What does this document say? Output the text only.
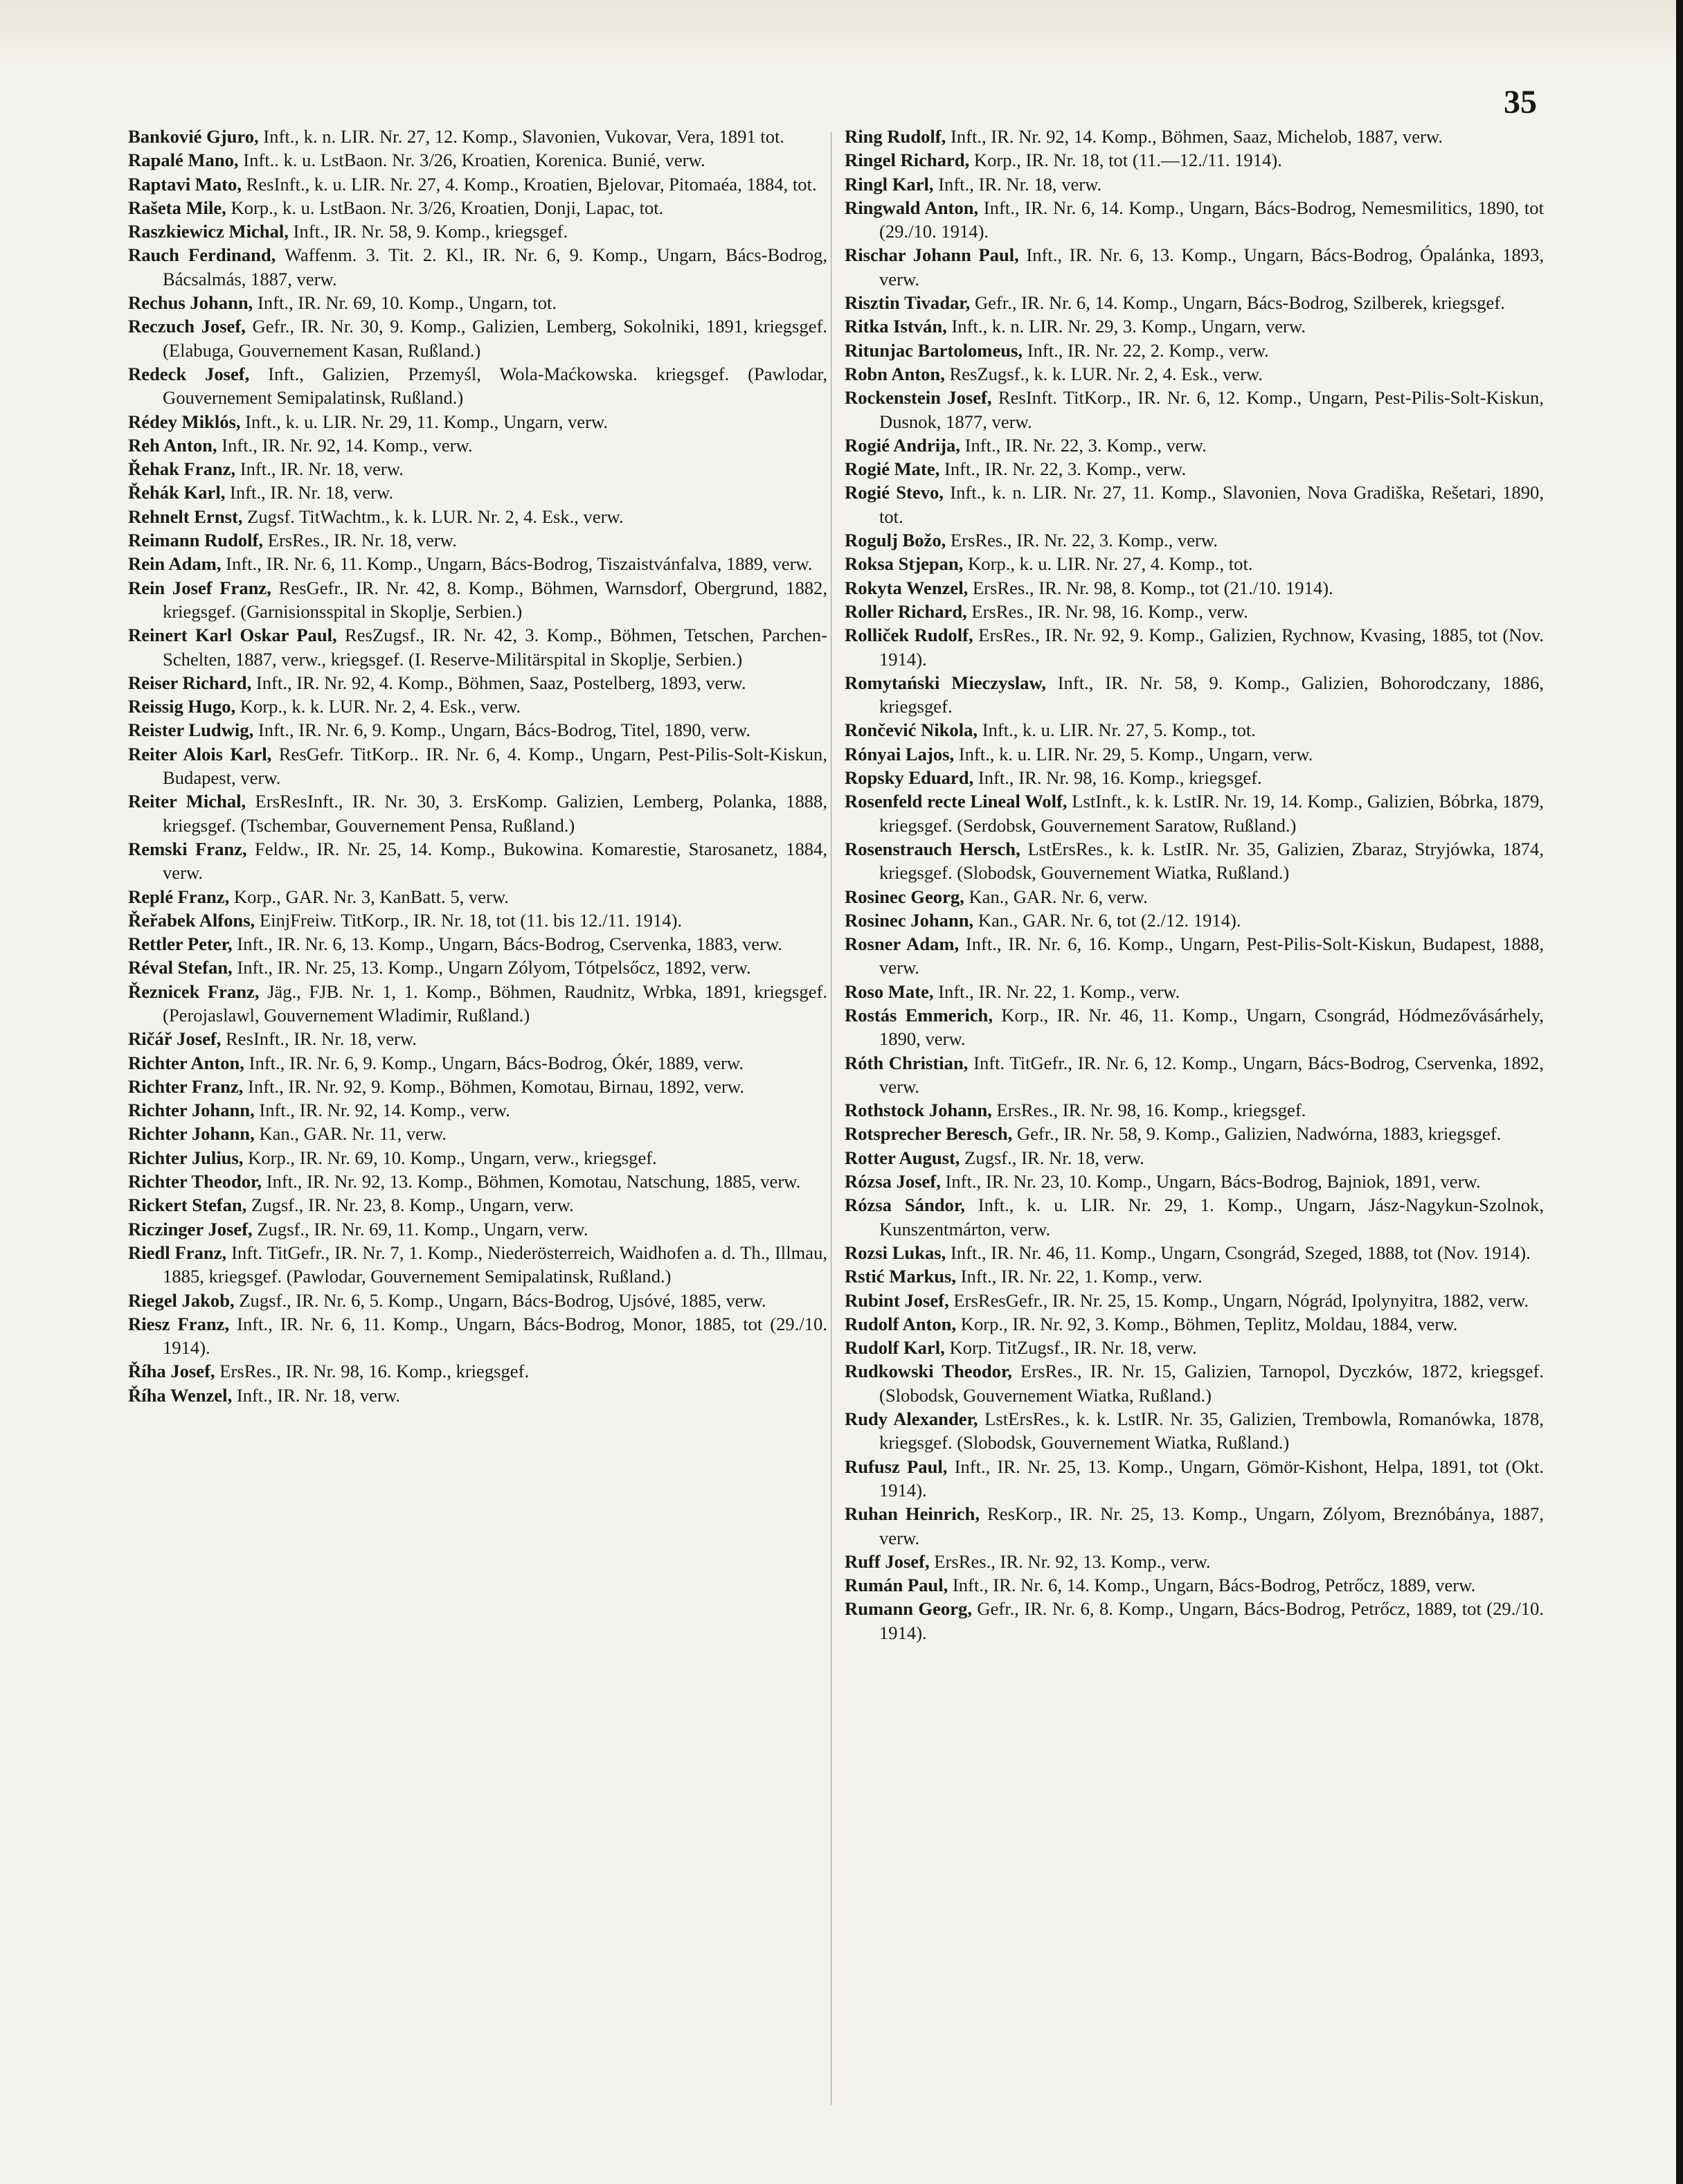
35
Bankovié Gjuro, Inft., k. n. LIR. Nr. 27, 12. Komp., Slavonien, Vukovar, Vera, 1891 tot.
Rapalé Mano, Inft.. k. u. LstBaon. Nr. 3/26, Kroatien, Korenica. Bunié, verw.
Raptavi Mato, ResInft., k. u. LIR. Nr. 27, 4. Komp., Kroatien, Bjelovar, Pitomaéa, 1884, tot.
Rašeta Mile, Korp., k. u. LstBaon. Nr. 3/26, Kroatien, Donji, Lapac, tot.
Raszkiewicz Michal, Inft., IR. Nr. 58, 9. Komp., kriegsgef.
Rauch Ferdinand, Waffenm. 3. Tit. 2. Kl., IR. Nr. 6, 9. Komp., Ungarn, Bács-Bodrog, Bácsalmás, 1887, verw.
Rechus Johann, Inft., IR. Nr. 69, 10. Komp., Ungarn, tot.
Reczuch Josef, Gefr., IR. Nr. 30, 9. Komp., Galizien, Lemberg, Sokolniki, 1891, kriegsgef. (Elabuga, Gouvernement Kasan, Rußland.)
Redeck Josef, Inft., Galizien, Przemyśl, Wola-Maćkowska. kriegsgef. (Pawlodar, Gouvernement Semipalatinsk, Rußland.)
Rédey Miklós, Inft., k. u. LIR. Nr. 29, 11. Komp., Ungarn, verw.
Reh Anton, Inft., IR. Nr. 92, 14. Komp., verw.
Řehak Franz, Inft., IR. Nr. 18, verw.
Řehák Karl, Inft., IR. Nr. 18, verw.
Rehnelt Ernst, Zugsf. TitWachtm., k. k. LUR. Nr. 2, 4. Esk., verw.
Reimann Rudolf, ErsRes., IR. Nr. 18, verw.
Rein Adam, Inft., IR. Nr. 6, 11. Komp., Ungarn, Bács-Bodrog, Tiszaistvánfalva, 1889, verw.
Rein Josef Franz, ResGefr., IR. Nr. 42, 8. Komp., Böhmen, Warnsdorf, Obergrund, 1882, kriegsgef. (Garnisionsspital in Skoplje, Serbien.)
Reinert Karl Oskar Paul, ResZugsf., IR. Nr. 42, 3. Komp., Böhmen, Tetschen, Parchen-Schelten, 1887, verw., kriegsgef. (I. Reserve-Militärspital in Skoplje, Serbien.)
Reiser Richard, Inft., IR. Nr. 92, 4. Komp., Böhmen, Saaz, Postelberg, 1893, verw.
Reissig Hugo, Korp., k. k. LUR. Nr. 2, 4. Esk., verw.
Reister Ludwig, Inft., IR. Nr. 6, 9. Komp., Ungarn, Bács-Bodrog, Titel, 1890, verw.
Reiter Alois Karl, ResGefr. TitKorp.. IR. Nr. 6, 4. Komp., Ungarn, Pest-Pilis-Solt-Kiskun, Budapest, verw.
Reiter Michal, ErsResInft., IR. Nr. 30, 3. ErsKomp. Galizien, Lemberg, Polanka, 1888, kriegsgef. (Tschembar, Gouvernement Pensa, Rußland.)
Remski Franz, Feldw., IR. Nr. 25, 14. Komp., Bukowina. Komarestie, Starosanetz, 1884, verw.
Replé Franz, Korp., GAR. Nr. 3, KanBatt. 5, verw.
Řeřabek Alfons, EinjFreiw. TitKorp., IR. Nr. 18, tot (11. bis 12./11. 1914).
Rettler Peter, Inft., IR. Nr. 6, 13. Komp., Ungarn, Bács-Bodrog, Cservenka, 1883, verw.
Réval Stefan, Inft., IR. Nr. 25, 13. Komp., Ungarn Zólyom, Tótpelsőcz, 1892, verw.
Řeznicek Franz, Jäg., FJB. Nr. 1, 1. Komp., Böhmen, Raudnitz, Wrbka, 1891, kriegsgef. (Perojaslawl, Gouvernement Wladimir, Rußland.)
Ričář Josef, ResInft., IR. Nr. 18, verw.
Richter Anton, Inft., IR. Nr. 6, 9. Komp., Ungarn, Bács-Bodrog, Ókér, 1889, verw.
Richter Franz, Inft., IR. Nr. 92, 9. Komp., Böhmen, Komotau, Birnau, 1892, verw.
Richter Johann, Inft., IR. Nr. 92, 14. Komp., verw.
Richter Johann, Kan., GAR. Nr. 11, verw.
Richter Julius, Korp., IR. Nr. 69, 10. Komp., Ungarn, verw., kriegsgef.
Richter Theodor, Inft., IR. Nr. 92, 13. Komp., Böhmen, Komotau, Natschung, 1885, verw.
Rickert Stefan, Zugsf., IR. Nr. 23, 8. Komp., Ungarn, verw.
Riczinger Josef, Zugsf., IR. Nr. 69, 11. Komp., Ungarn, verw.
Riedl Franz, Inft. TitGefr., IR. Nr. 7, 1. Komp., Niederösterreich, Waidhofen a. d. Th., Illmau, 1885, kriegsgef. (Pawlodar, Gouvernement Semipalatinsk, Rußland.)
Riegel Jakob, Zugsf., IR. Nr. 6, 5. Komp., Ungarn, Bács-Bodrog, Ujsóvé, 1885, verw.
Riesz Franz, Inft., IR. Nr. 6, 11. Komp., Ungarn, Bács-Bodrog, Monor, 1885, tot (29./10. 1914).
Říha Josef, ErsRes., IR. Nr. 98, 16. Komp., kriegsgef.
Říha Wenzel, Inft., IR. Nr. 18, verw.
Ring Rudolf, Inft., IR. Nr. 92, 14. Komp., Böhmen, Saaz, Michelob, 1887, verw.
Ringel Richard, Korp., IR. Nr. 18, tot (11.—12./11. 1914).
Ringl Karl, Inft., IR. Nr. 18, verw.
Ringwald Anton, Inft., IR. Nr. 6, 14. Komp., Ungarn, Bács-Bodrog, Nemesmilitics, 1890, tot (29./10. 1914).
Rischar Johann Paul, Inft., IR. Nr. 6, 13. Komp., Ungarn, Bács-Bodrog, Ópalánka, 1893, verw.
Risztin Tivadar, Gefr., IR. Nr. 6, 14. Komp., Ungarn, Bács-Bodrog, Szilberek, kriegsgef.
Ritka István, Inft., k. n. LIR. Nr. 29, 3. Komp., Ungarn, verw.
Ritunjac Bartolomeus, Inft., IR. Nr. 22, 2. Komp., verw.
Robn Anton, ResZugsf., k. k. LUR. Nr. 2, 4. Esk., verw.
Rockenstein Josef, ResInft. TitKorp., IR. Nr. 6, 12. Komp., Ungarn, Pest-Pilis-Solt-Kiskun, Dusnok, 1877, verw.
Rogié Andrija, Inft., IR. Nr. 22, 3. Komp., verw.
Rogié Mate, Inft., IR. Nr. 22, 3. Komp., verw.
Rogié Stevo, Inft., k. n. LIR. Nr. 27, 11. Komp., Slavonien, Nova Gradiška, Rešetari, 1890, tot.
Rogulj Božo, ErsRes., IR. Nr. 22, 3. Komp., verw.
Roksa Stjepan, Korp., k. u. LIR. Nr. 27, 4. Komp., tot.
Rokyta Wenzel, ErsRes., IR. Nr. 98, 8. Komp., tot (21./10. 1914).
Roller Richard, ErsRes., IR. Nr. 98, 16. Komp., verw.
Rolliček Rudolf, ErsRes., IR. Nr. 92, 9. Komp., Galizien, Rychnow, Kvasing, 1885, tot (Nov. 1914).
Romytański Mieczyslaw, Inft., IR. Nr. 58, 9. Komp., Galizien, Bohorodczany, 1886, kriegsgef.
Rončević Nikola, Inft., k. u. LIR. Nr. 27, 5. Komp., tot.
Rónyai Lajos, Inft., k. u. LIR. Nr. 29, 5. Komp., Ungarn, verw.
Ropsky Eduard, Inft., IR. Nr. 98, 16. Komp., kriegsgef.
Rosenfeld recte Lineal Wolf, LstInft., k. k. LstIR. Nr. 19, 14. Komp., Galizien, Bóbrka, 1879, kriegsgef. (Serdobsk, Gouvernement Saratow, Rußland.)
Rosenstrauch Hersch, LstErsRes., k. k. LstIR. Nr. 35, Galizien, Zbaraz, Stryjówka, 1874, kriegsgef. (Slobodsk, Gouvernement Wiatka, Rußland.)
Rosinec Georg, Kan., GAR. Nr. 6, verw.
Rosinec Johann, Kan., GAR. Nr. 6, tot (2./12. 1914).
Rosner Adam, Inft., IR. Nr. 6, 16. Komp., Ungarn, Pest-Pilis-Solt-Kiskun, Budapest, 1888, verw.
Roso Mate, Inft., IR. Nr. 22, 1. Komp., verw.
Rostás Emmerich, Korp., IR. Nr. 46, 11. Komp., Ungarn, Csongrád, Hódmezővásárhely, 1890, verw.
Róth Christian, Inft. TitGefr., IR. Nr. 6, 12. Komp., Ungarn, Bács-Bodrog, Cservenka, 1892, verw.
Rothstock Johann, ErsRes., IR. Nr. 98, 16. Komp., kriegsgef.
Rotsprecher Beresch, Gefr., IR. Nr. 58, 9. Komp., Galizien, Nadwórna, 1883, kriegsgef.
Rotter August, Zugsf., IR. Nr. 18, verw.
Rózsa Josef, Inft., IR. Nr. 23, 10. Komp., Ungarn, Bács-Bodrog, Bajniok, 1891, verw.
Rózsa Sándor, Inft., k. u. LIR. Nr. 29, 1. Komp., Ungarn, Jász-Nagykun-Szolnok, Kunszentmárton, verw.
Rozsi Lukas, Inft., IR. Nr. 46, 11. Komp., Ungarn, Csongrád, Szeged, 1888, tot (Nov. 1914).
Rstić Markus, Inft., IR. Nr. 22, 1. Komp., verw.
Rubint Josef, ErsResGefr., IR. Nr. 25, 15. Komp., Ungarn, Nógrád, Ipolynyitra, 1882, verw.
Rudolf Anton, Korp., IR. Nr. 92, 3. Komp., Böhmen, Teplitz, Moldau, 1884, verw.
Rudolf Karl, Korp. TitZugsf., IR. Nr. 18, verw.
Rudkowski Theodor, ErsRes., IR. Nr. 15, Galizien, Tarnopol, Dyczków, 1872, kriegsgef. (Slobodsk, Gouvernement Wiatka, Rußland.)
Rudy Alexander, LstErsRes., k. k. LstIR. Nr. 35, Galizien, Trembowla, Romanówka, 1878, kriegsgef. (Slobodsk, Gouvernement Wiatka, Rußland.)
Rufusz Paul, Inft., IR. Nr. 25, 13. Komp., Ungarn, Gömör-Kishont, Helpa, 1891, tot (Okt. 1914).
Ruhan Heinrich, ResKorp., IR. Nr. 25, 13. Komp., Ungarn, Zólyom, Breznóbánya, 1887, verw.
Ruff Josef, ErsRes., IR. Nr. 92, 13. Komp., verw.
Rumán Paul, Inft., IR. Nr. 6, 14. Komp., Ungarn, Bács-Bodrog, Petrőcz, 1889, verw.
Rumann Georg, Gefr., IR. Nr. 6, 8. Komp., Ungarn, Bács-Bodrog, Petrőcz, 1889, tot (29./10. 1914).
